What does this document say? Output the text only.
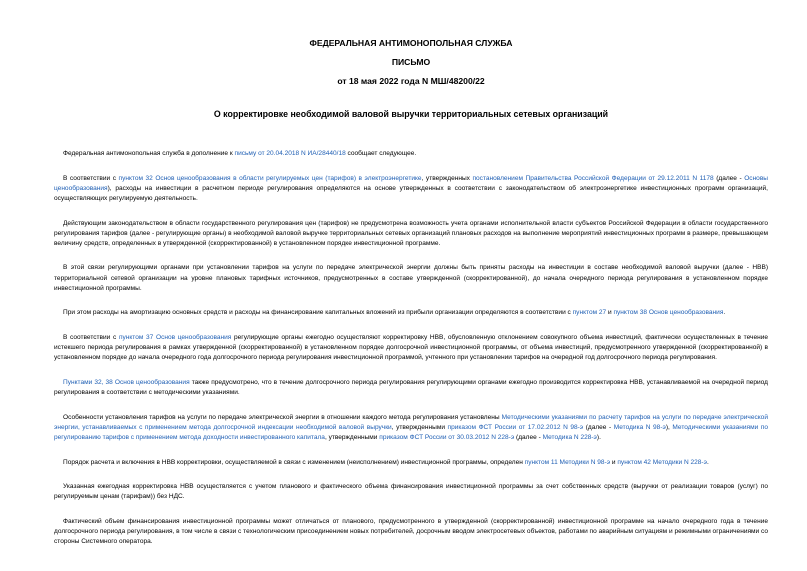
ФЕДЕРАЛЬНАЯ АНТИМОНОПОЛЬНАЯ СЛУЖБА
ПИСЬМО
от 18 мая 2022 года N МШ/48200/22
О корректировке необходимой валовой выручки территориальных сетевых организаций

Федеральная антимонопольная служба в дополнение к письму от 20.04.2018 N ИА/28440/18 сообщает следующее.

В соответствии с пунктом 32 Основ ценообразования в области регулируемых цен (тарифов) в электроэнергетике, утвержденных постановлением Правительства Российской Федерации от 29.12.2011 N 1178 (далее - Основы ценообразования), расходы на инвестиции в расчетном периоде регулирования определяются на основе утвержденных в соответствии с законодательством об электроэнергетике инвестиционных программ организаций, осуществляющих регулируемую деятельность.

Действующим законодательством в области государственного регулирования цен (тарифов) не предусмотрена возможность учета органами исполнительной власти субъектов Российской Федерации в области государственного регулирования тарифов (далее - регулирующие органы) в необходимой валовой выручке территориальных сетевых организаций плановых расходов на выполнение мероприятий инвестиционных программ в размере, превышающем величину средств, определенных в утвержденной (скорректированной) в установленном порядке инвестиционной программе.

В этой связи регулирующими органами при установлении тарифов на услуги по передаче электрической энергии должны быть приняты расходы на инвестиции в составе необходимой валовой выручки (далее - НВВ) территориальной сетевой организации на уровне плановых тарифных источников, предусмотренных в составе утвержденной (скорректированной), до начала очередного периода регулирования в установленном порядке инвестиционной программы.

При этом расходы на амортизацию основных средств и расходы на финансирование капитальных вложений из прибыли организации определяются в соответствии с пунктом 27 и пунктом 38 Основ ценообразования.

В соответствии с пунктом 37 Основ ценообразования регулирующие органы ежегодно осуществляют корректировку НВВ, обусловленную отклонением совокупного объема инвестиций, фактически осуществленных в течение истекшего периода регулирования в рамках утвержденной (скорректированной) в установленном порядке долгосрочной инвестиционной программы, от объема инвестиций, предусмотренного утвержденной (скорректированной) в установленном порядке до начала очередного года долгосрочного периода регулирования инвестиционной программой, учтенного при установлении тарифов на очередной год долгосрочного периода регулирования.

Пунктами 32, 38 Основ ценообразования также предусмотрено, что в течение долгосрочного периода регулирования регулирующими органами ежегодно производится корректировка НВВ, устанавливаемой на очередной период регулирования в соответствии с методическими указаниями.

Особенности установления тарифов на услуги по передаче электрической энергии в отношении каждого метода регулирования установлены Методическими указаниями по расчету тарифов на услуги по передаче электрической энергии, устанавливаемых с применением метода долгосрочной индексации необходимой валовой выручки, утвержденными приказом ФСТ России от 17.02.2012 N 98-э (далее - Методика N 98-э), Методическими указаниями по регулированию тарифов с применением метода доходности инвестированного капитала, утвержденными приказом ФСТ России от 30.03.2012 N 228-э (далее - Методика N 228-э).

Порядок расчета и включения в НВВ корректировки, осуществляемой в связи с изменением (неисполнением) инвестиционной программы, определен пунктом 11 Методики N 98-э и пунктом 42 Методики N 228-э.

Указанная ежегодная корректировка НВВ осуществляется с учетом планового и фактического объема финансирования инвестиционной программы за счет собственных средств (выручки от реализации товаров (услуг) по регулируемым ценам (тарифам)) без НДС.

Фактический объем финансирования инвестиционной программы может отличаться от планового, предусмотренного в утвержденной (скорректированной) инвестиционной программе на начало очередного года в течение долгосрочного периода регулирования, в том числе в связи с технологическим присоединением новых потребителей, досрочным вводом электросетевых объектов, работами по аварийным ситуациям и режимными ограничениями со стороны Системного оператора.
